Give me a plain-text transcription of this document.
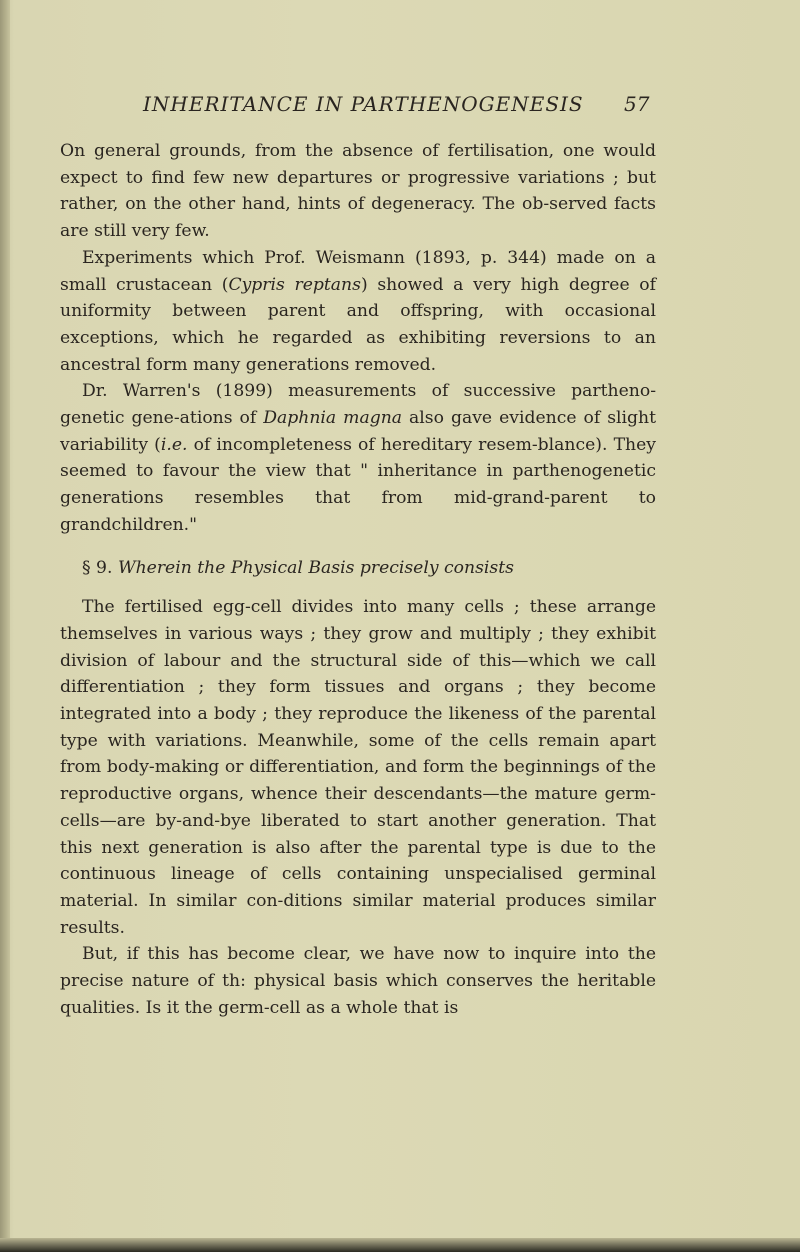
INHERITANCE IN PARTHENOGENESIS	57

On general grounds, from the absence of fertilisation, one would expect to find few new departures or progressive variations ; but rather, on the other hand, hints of degeneracy. The ob-served facts are still very few.

Experiments which Prof. Weismann (1893, p. 344) made on a small crustacean (Cypris reptans) showed a very high degree of uniformity between parent and offspring, with occasional exceptions, which he regarded as exhibiting reversions to an ancestral form many generations removed.

Dr. Warren's (1899) measurements of successive partheno-genetic gene-ations of Daphnia magna also gave evidence of slight variability (i.e. of incompleteness of hereditary resem-blance). They seemed to favour the view that " inheritance in parthenogenetic generations resembles that from mid-grand-parent to grandchildren."

§ 9. Wherein the Physical Basis precisely consists

The fertilised egg-cell divides into many cells ; these arrange themselves in various ways ; they grow and multiply ; they exhibit division of labour and the structural side of this—which we call differentiation ; they form tissues and organs ; they become integrated into a body ; they reproduce the likeness of the parental type with variations. Meanwhile, some of the cells remain apart from body-making or differentiation, and form the beginnings of the reproductive organs, whence their descendants—the mature germ-cells—are by-and-bye liberated to start another generation. That this next generation is also after the parental type is due to the continuous lineage of cells containing unspecialised germinal material. In similar con-ditions similar material produces similar results.

But, if this has become clear, we have now to inquire into the precise nature of th: physical basis which conserves the heritable qualities. Is it the germ-cell as a whole that is
